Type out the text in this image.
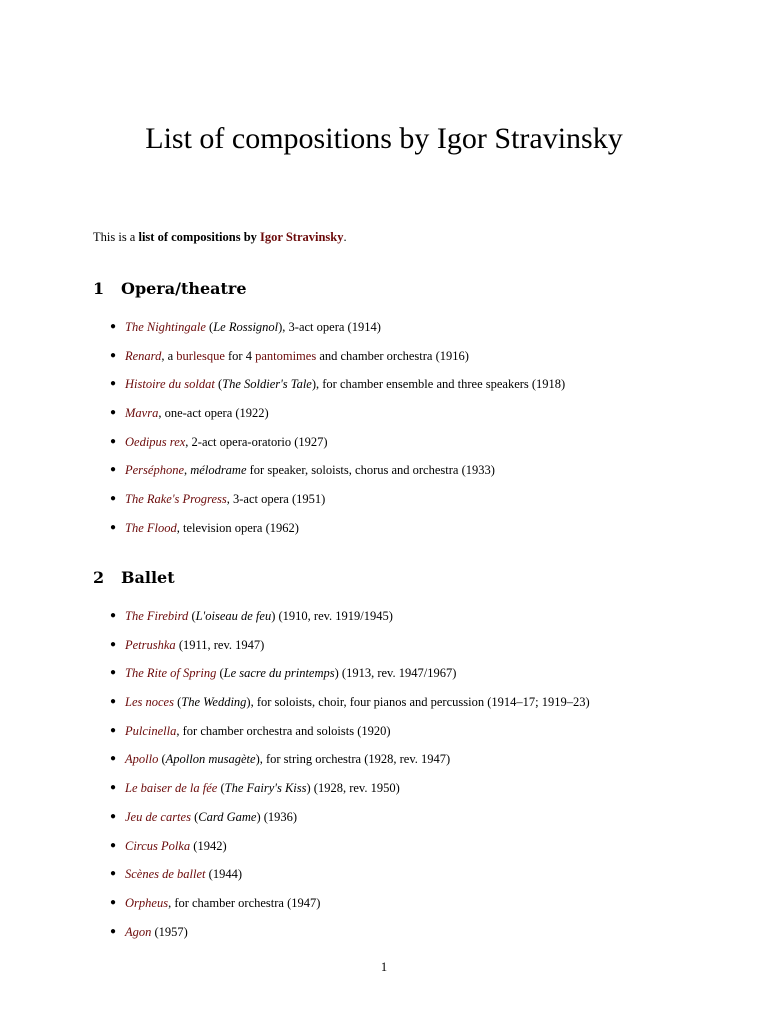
List of compositions by Igor Stravinsky
This is a list of compositions by Igor Stravinsky.
1 Opera/theatre
● The Nightingale (Le Rossignol), 3-act opera (1914)
● Renard, a burlesque for 4 pantomimes and chamber orchestra (1916)
● Histoire du soldat (The Soldier's Tale), for chamber ensemble and three speakers (1918)
● Mavra, one-act opera (1922)
● Oedipus rex, 2-act opera-oratorio (1927)
● Perséphone, mélodrame for speaker, soloists, chorus and orchestra (1933)
● The Rake's Progress, 3-act opera (1951)
● The Flood, television opera (1962)
2 Ballet
● The Firebird (L'oiseau de feu) (1910, rev. 1919/1945)
● Petrushka (1911, rev. 1947)
● The Rite of Spring (Le sacre du printemps) (1913, rev. 1947/1967)
● Les noces (The Wedding), for soloists, choir, four pianos and percussion (1914–17; 1919–23)
● Pulcinella, for chamber orchestra and soloists (1920)
● Apollo (Apollon musagète), for string orchestra (1928, rev. 1947)
● Le baiser de la fée (The Fairy's Kiss) (1928, rev. 1950)
● Jeu de cartes (Card Game) (1936)
● Circus Polka (1942)
● Scènes de ballet (1944)
● Orpheus, for chamber orchestra (1947)
● Agon (1957)
1
